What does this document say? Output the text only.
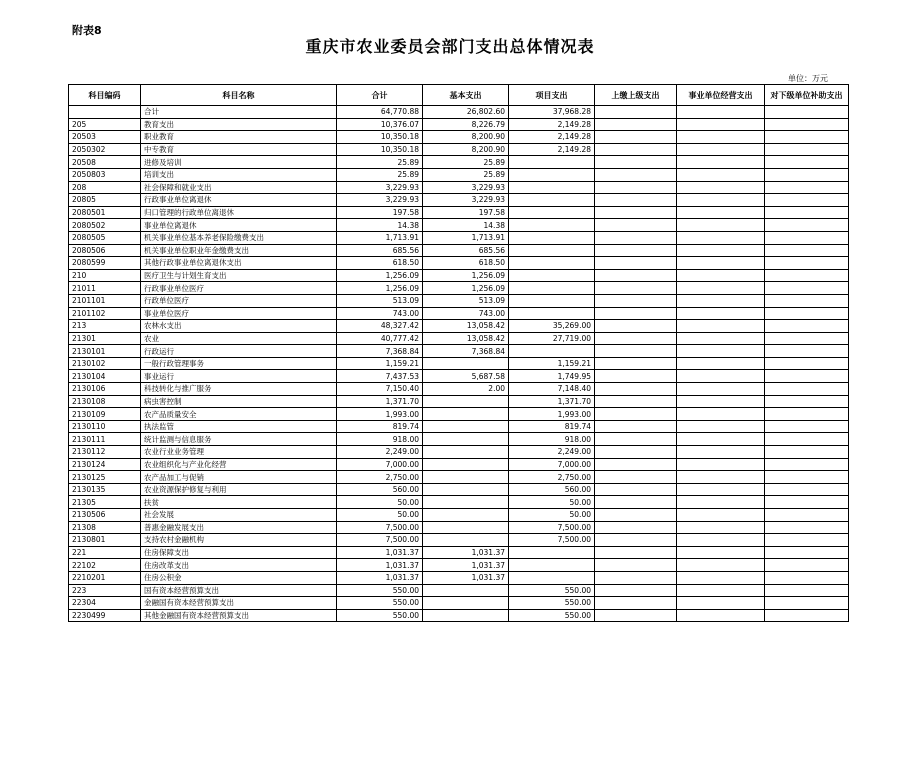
附表8
重庆市农业委员会部门支出总体情况表
单位：万元
科目编码	科目名称	合计	基本支出	项目支出	上缴上级支出	事业单位经营支出	对下级单位补助支出
	合计	64,770.88	26,802.60	37,968.28			
205	教育支出	10,376.07	8,226.79	2,149.28			
20503	职业教育	10,350.18	8,200.90	2,149.28			
2050302	中专教育	10,350.18	8,200.90	2,149.28			
20508	进修及培训	25.89	25.89				
2050803	培训支出	25.89	25.89				
208	社会保障和就业支出	3,229.93	3,229.93				
20805	行政事业单位离退休	3,229.93	3,229.93				
2080501	归口管理的行政单位离退休	197.58	197.58				
2080502	事业单位离退休	14.38	14.38				
2080505	机关事业单位基本养老保险缴费支出	1,713.91	1,713.91				
2080506	机关事业单位职业年金缴费支出	685.56	685.56				
2080599	其他行政事业单位离退休支出	618.50	618.50				
210	医疗卫生与计划生育支出	1,256.09	1,256.09				
21011	行政事业单位医疗	1,256.09	1,256.09				
2101101	行政单位医疗	513.09	513.09				
2101102	事业单位医疗	743.00	743.00				
213	农林水支出	48,327.42	13,058.42	35,269.00			
21301	农业	40,777.42	13,058.42	27,719.00			
2130101	行政运行	7,368.84	7,368.84				
2130102	一般行政管理事务	1,159.21		1,159.21			
2130104	事业运行	7,437.53	5,687.58	1,749.95			
2130106	科技转化与推广服务	7,150.40	2.00	7,148.40			
2130108	病虫害控制	1,371.70		1,371.70			
2130109	农产品质量安全	1,993.00		1,993.00			
2130110	执法监管	819.74		819.74			
2130111	统计监测与信息服务	918.00		918.00			
2130112	农业行业业务管理	2,249.00		2,249.00			
2130124	农业组织化与产业化经营	7,000.00		7,000.00			
2130125	农产品加工与促销	2,750.00		2,750.00			
2130135	农业资源保护修复与利用	560.00		560.00			
21305	扶贫	50.00		50.00			
2130506	社会发展	50.00		50.00			
21308	普惠金融发展支出	7,500.00		7,500.00			
2130801	支持农村金融机构	7,500.00		7,500.00			
221	住房保障支出	1,031.37	1,031.37				
22102	住房改革支出	1,031.37	1,031.37				
2210201	住房公积金	1,031.37	1,031.37				
223	国有资本经营预算支出	550.00		550.00			
22304	金融国有资本经营预算支出	550.00		550.00			
2230499	其他金融国有资本经营预算支出	550.00		550.00			
